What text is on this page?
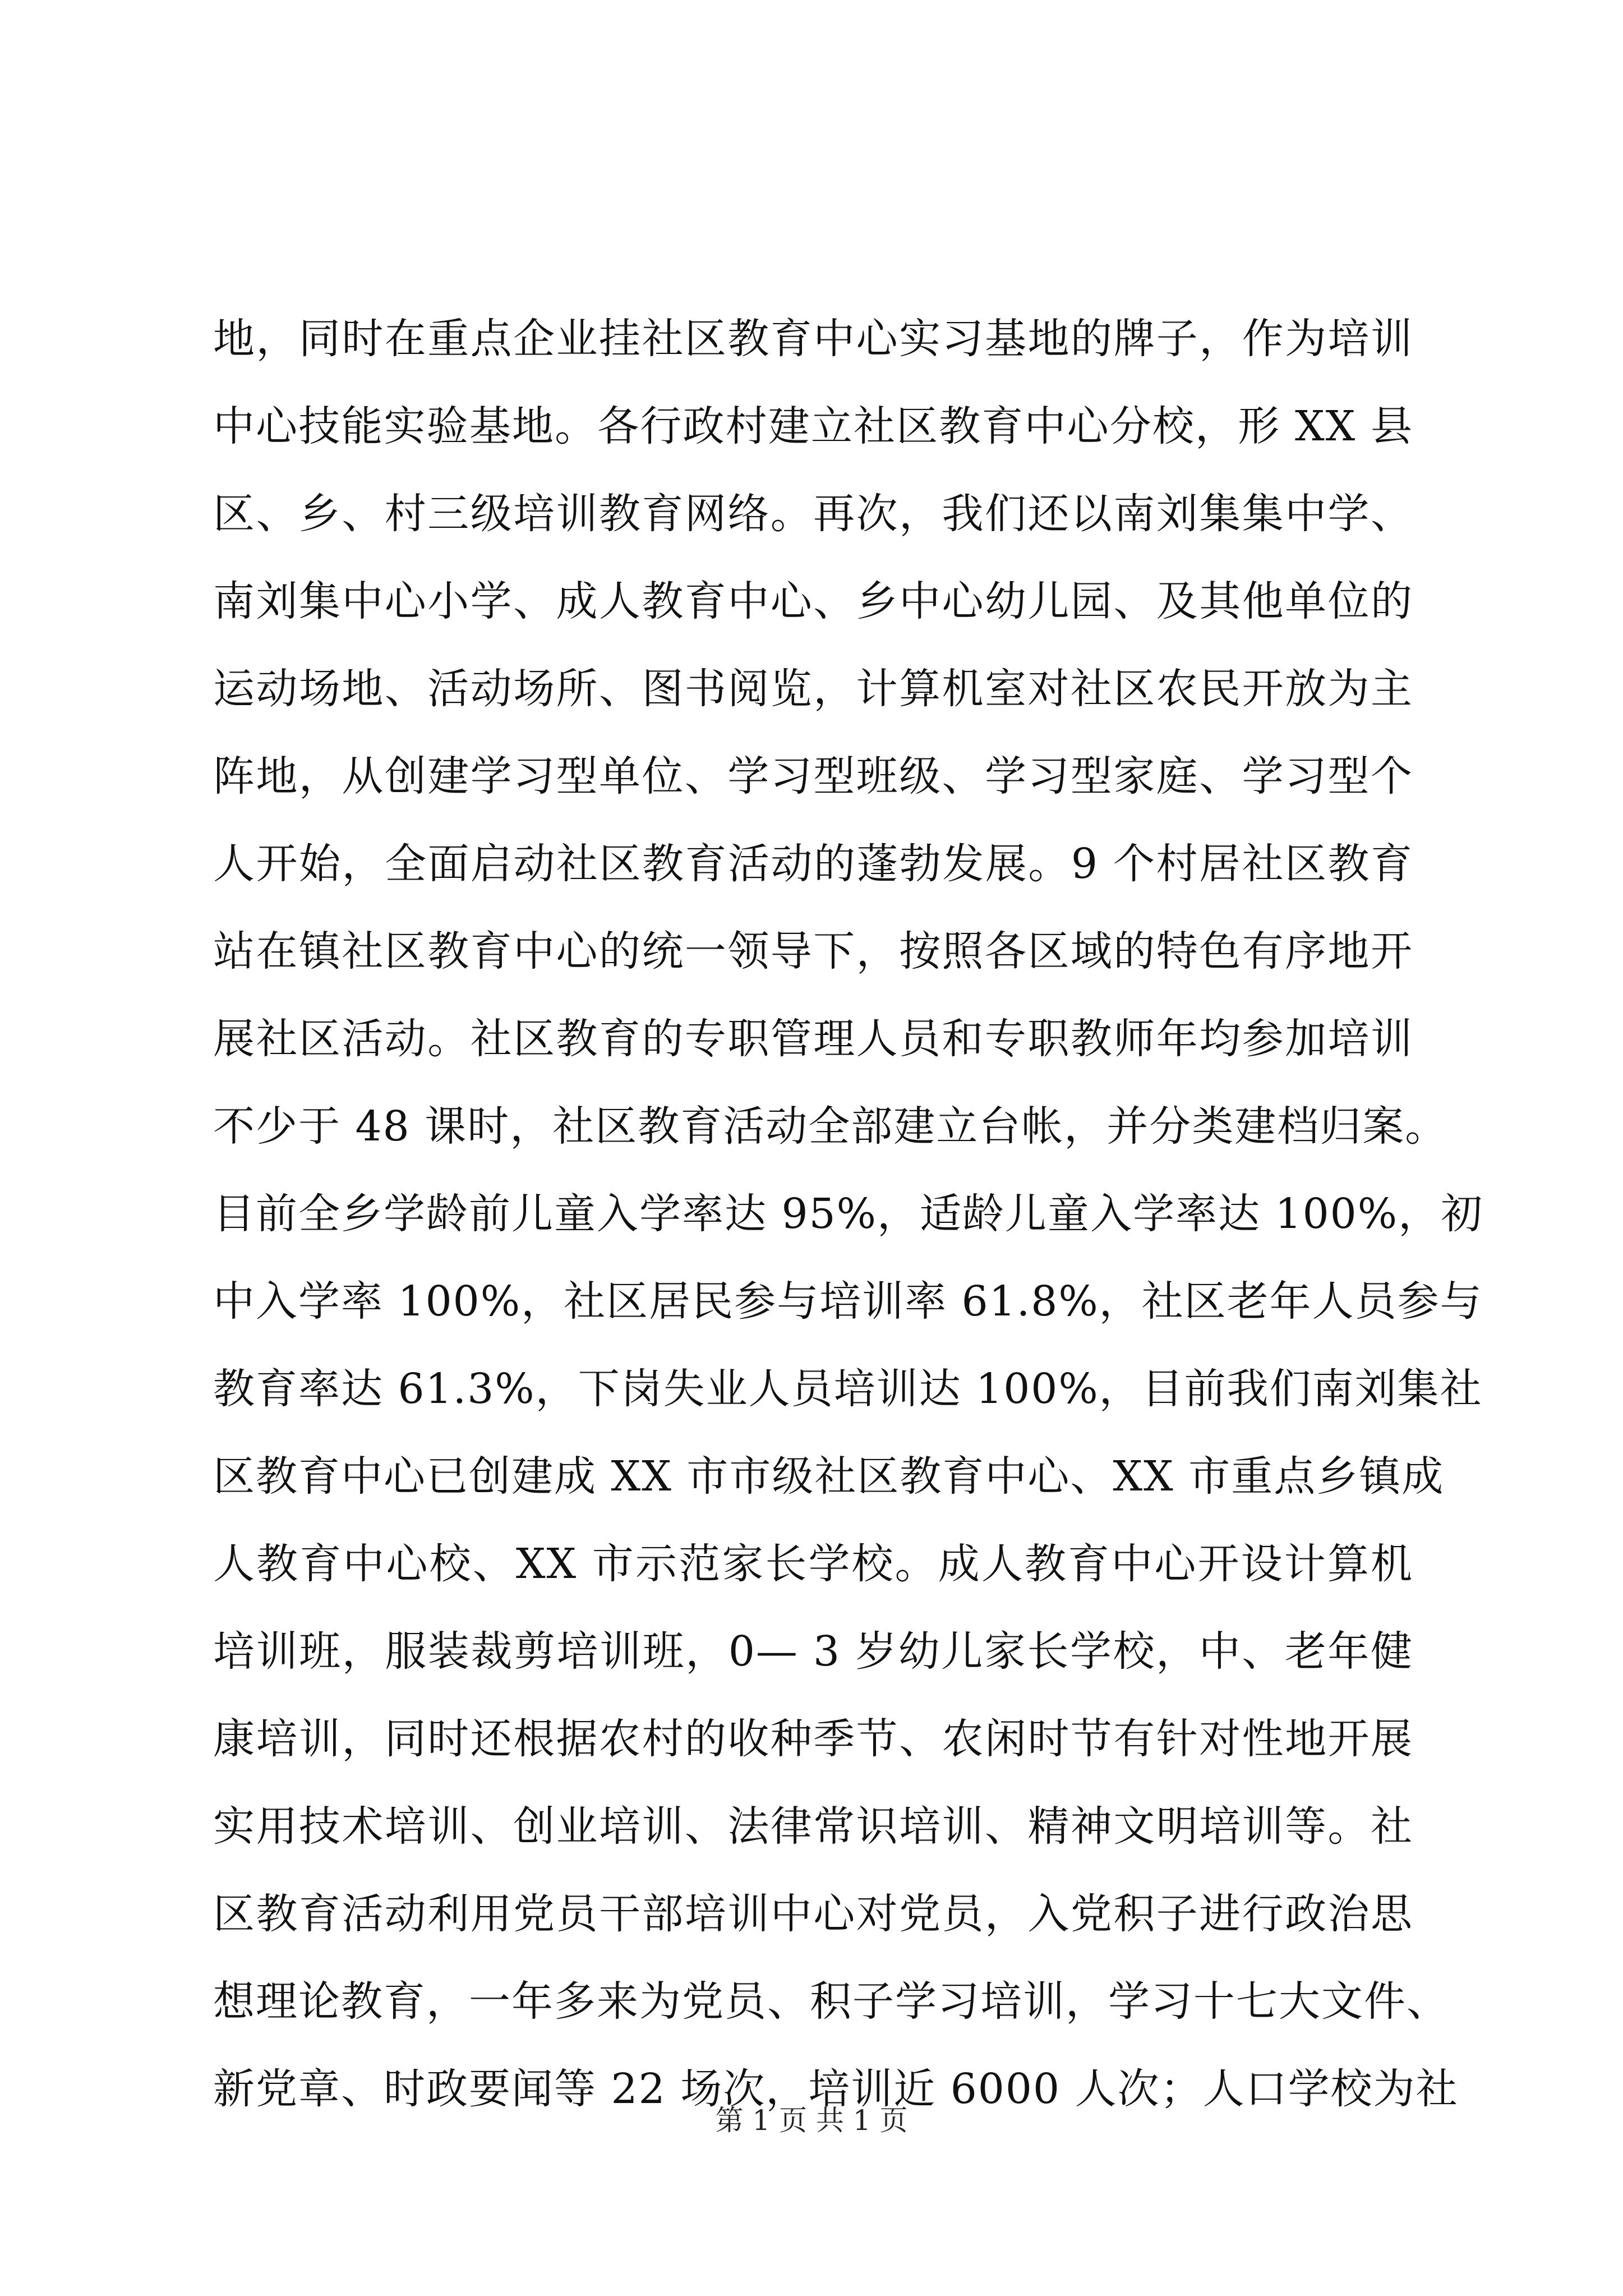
地，同时在重点企业挂社区教育中心实习基地的牌子，作为培训
中心技能实验基地。各行政村建立社区教育中心分校，形 XX 县
区、乡、村三级培训教育网络。再次，我们还以南刘集集中学、
南刘集中心小学、成人教育中心、乡中心幼儿园、及其他单位的
运动场地、活动场所、图书阅览，计算机室对社区农民开放为主
阵地，从创建学习型单位、学习型班级、学习型家庭、学习型个
人开始，全面启动社区教育活动的蓬勃发展。9 个村居社区教育
站在镇社区教育中心的统一领导下，按照各区域的特色有序地开
展社区活动。社区教育的专职管理人员和专职教师年均参加培训
不少于 48 课时，社区教育活动全部建立台帐，并分类建档归案。
目前全乡学龄前儿童入学率达 95%，适龄儿童入学率达 100%，初
中入学率 100%，社区居民参与培训率 61.8%，社区老年人员参与
教育率达 61.3%，下岗失业人员培训达 100%，目前我们南刘集社
区教育中心已创建成 XX 市市级社区教育中心、XX 市重点乡镇成
人教育中心校、XX 市示范家长学校。成人教育中心开设计算机
培训班，服装裁剪培训班，0— 3 岁幼儿家长学校，中、老年健
康培训，同时还根据农村的收种季节、农闲时节有针对性地开展
实用技术培训、创业培训、法律常识培训、精神文明培训等。社
区教育活动利用党员干部培训中心对党员，入党积子进行政治思
想理论教育，一年多来为党员、积子学习培训，学习十七大文件、
新党章、时政要闻等 22 场次，培训近 6000 人次；人口学校为社
第 1 页 共 1 页
